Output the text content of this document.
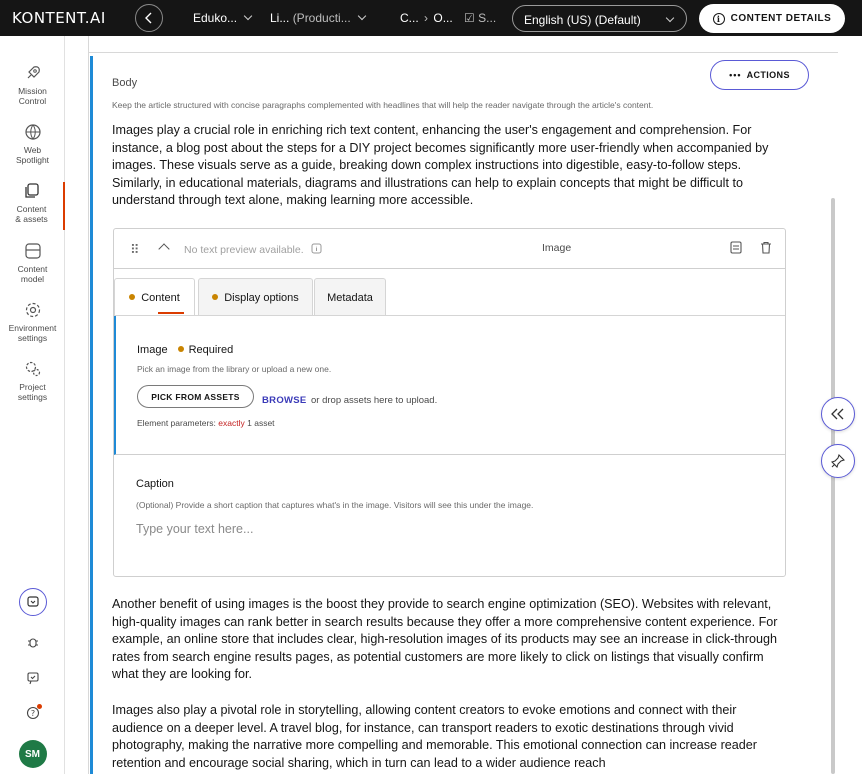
KONTENT.AI	Eduko...	Li... (Producti...	C... › O... ☑ S...	English (US) (Default)	i	CONTENT DETAILS
Mission
Control
Web
Spotlight
Content
& assets
Content
model
Environment
settings
Project
settings
?
SM
Body
Keep the article structured with concise paragraphs complemented with headlines that will help the reader navigate through the article's content.
••• ACTIONS
Images play a crucial role in enriching rich text content, enhancing the user's engagement and comprehension. For instance, a blog post about the steps for a DIY project becomes significantly more user-friendly when accompanied by images. These visuals serve as a guide, breaking down complex instructions into digestible, easy-to-follow steps. Similarly, in educational materials, diagrams and illustrations can help to explain concepts that might be difficult to understand through text alone, making learning more accessible.
⠿	No text preview available.	Image
Content	Display options	Metadata
Image Required
Pick an image from the library or upload a new one.
PICK FROM ASSETS BROWSE or drop assets here to upload.
Element parameters: exactly 1 asset
Caption
(Optional) Provide a short caption that captures what's in the image. Visitors will see this under the image.
Type your text here...
Another benefit of using images is the boost they provide to search engine optimization (SEO). Websites with relevant, high-quality images can rank better in search results because they offer a more comprehensive content experience. For example, an online store that includes clear, high-resolution images of its products may see an increase in click-through rates from search engine results pages, as potential customers are more likely to click on listings that visually confirm what they are looking for.
Images also play a pivotal role in storytelling, allowing content creators to evoke emotions and connect with their audience on a deeper level. A travel blog, for instance, can transport readers to exotic destinations through vivid photography, making the narrative more compelling and memorable. This emotional connection can increase reader retention and encourage social sharing, which in turn can lead to a wider audience reach
